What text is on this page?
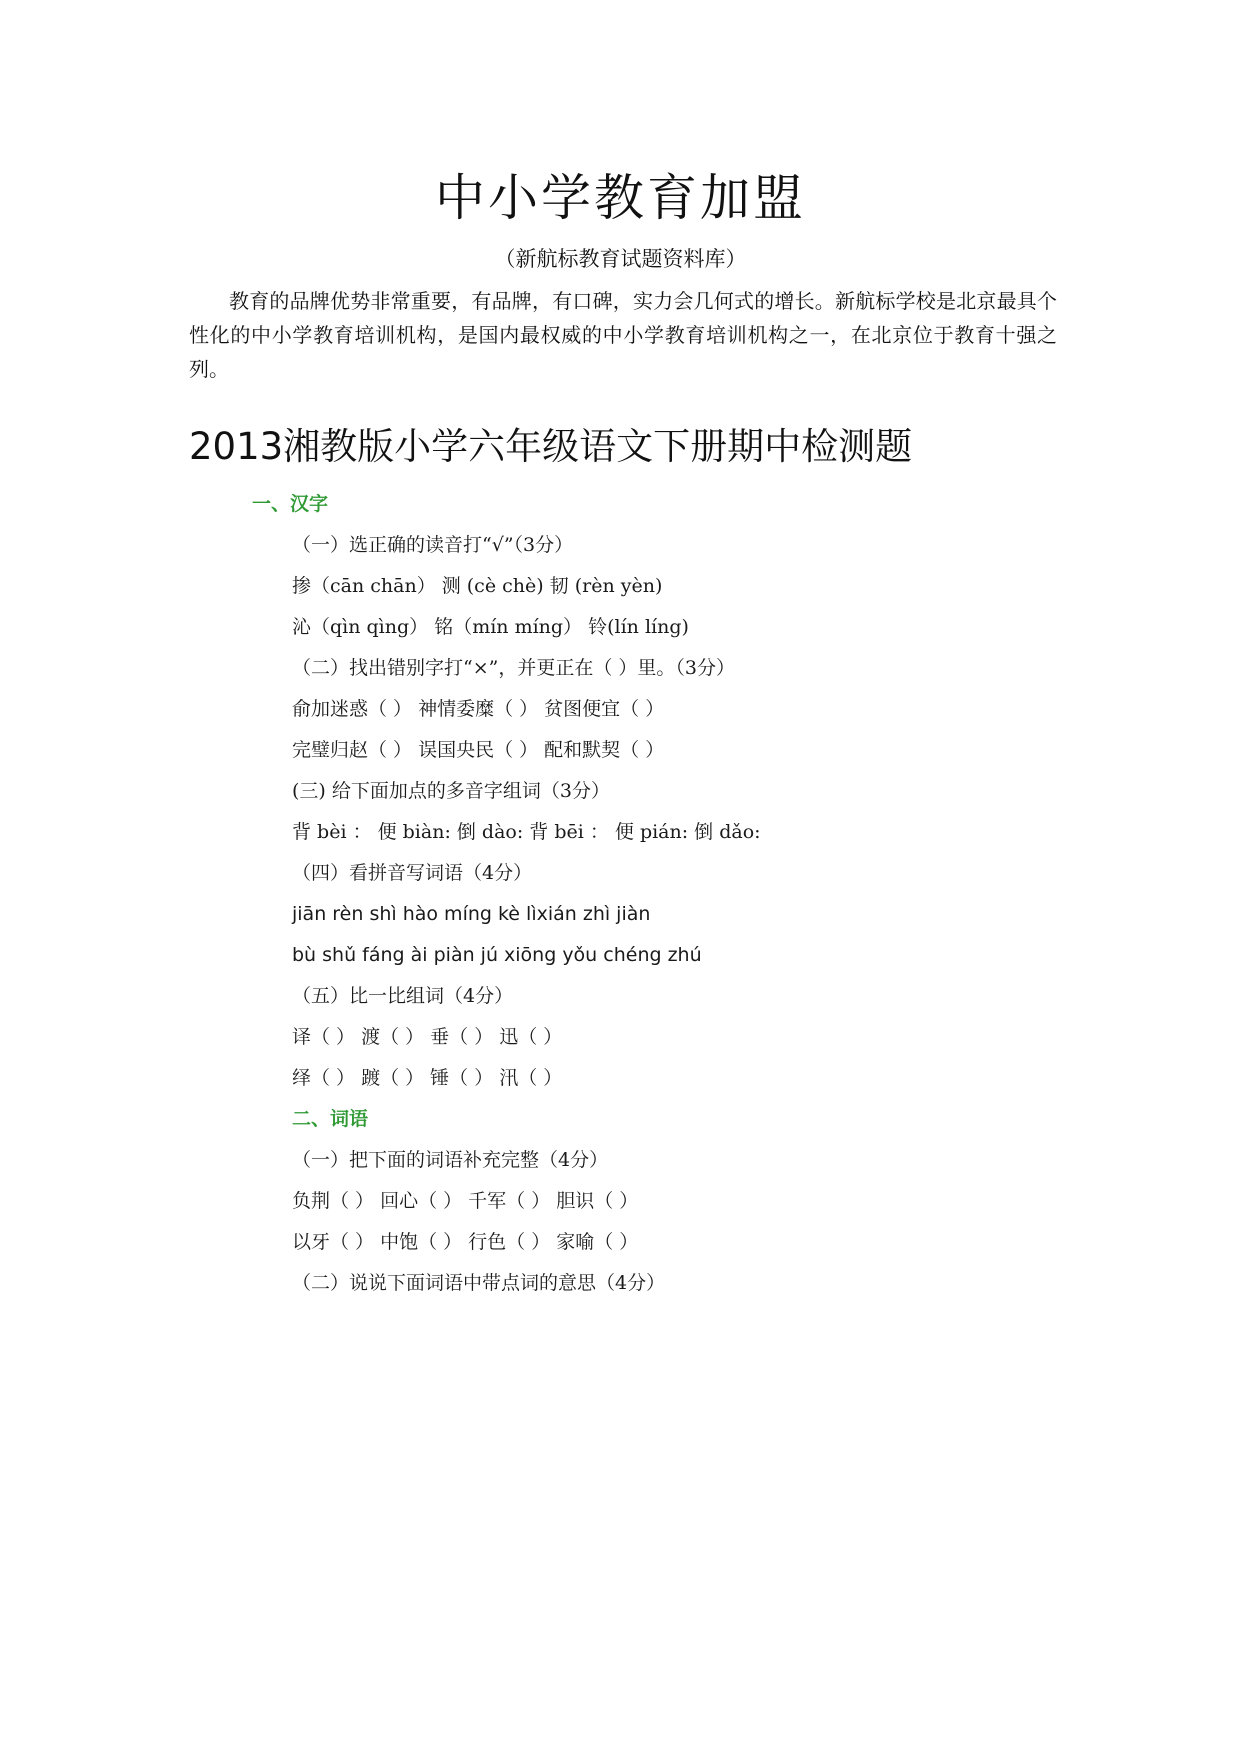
中小学教育加盟
（新航标教育试题资料库）
教育的品牌优势非常重要，有品牌，有口碑，实力会几何式的增长。新航标学校是北京最具个性化的中小学教育培训机构，是国内最权威的中小学教育培训机构之一，在北京位于教育十强之列。
2013湘教版小学六年级语文下册期中检测题
一、汉字
（一）选正确的读音打“√”（3分）
掺（cān chān） 测 (cè chè) 韧 (rèn yèn)
沁（qìn qìng） 铭（mín míng） 铃(lín líng)
（二）找出错别字打“×”，并更正在（ ）里。（3分）
俞加迷惑（ ） 神情委糜（ ） 贫图便宜（ ）
完璧归赵（ ） 误国央民（ ） 配和默契（ ）
(三) 给下面加点的多音字组词（3分）
背 bèi ： 便 biàn: 倒 dào: 背 bēi ： 便 pián: 倒 dǎo:
（四）看拼音写词语（4分）
jiān rèn shì hào míng kè lìxián zhì jiàn
bù shǔ fáng ài piàn jú xiōng yǒu chéng zhú
（五）比一比组词（4分）
译（ ） 渡（ ） 垂（ ） 迅（ ）
绎（ ） 踱（ ） 锤（ ） 汛（ ）
二、词语
（一）把下面的词语补充完整（4分）
负荆（ ） 回心（ ） 千军（ ） 胆识（ ）
以牙（ ） 中饱（ ） 行色（ ） 家喻（ ）
（二）说说下面词语中带点词的意思（4分）
